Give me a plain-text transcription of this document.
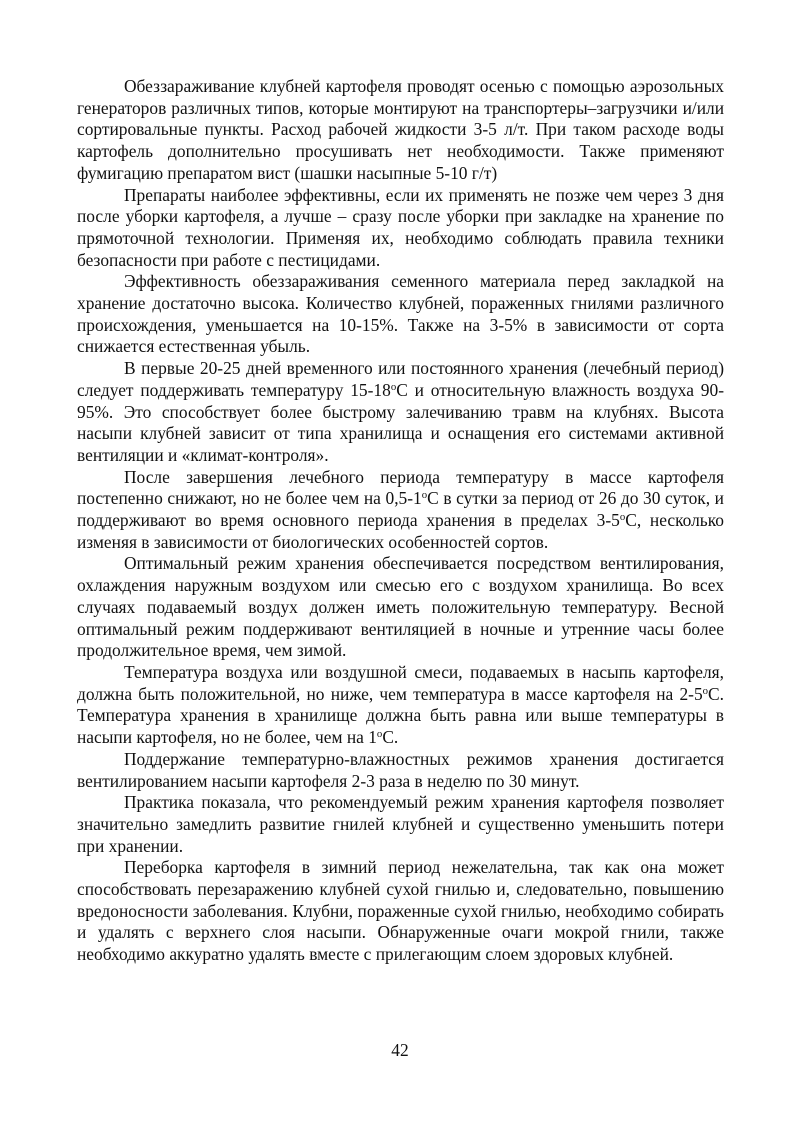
Обеззараживание клубней картофеля проводят осенью с помощью аэрозольных генераторов различных типов, которые монтируют на транспортеры–загрузчики и/или сортировальные пункты. Расход рабочей жидкости 3-5 л/т. При таком расходе воды картофель дополнительно просушивать нет необходимости. Также применяют фумигацию препаратом вист (шашки насыпные 5-10 г/т)

Препараты наиболее эффективны, если их применять не позже чем через 3 дня после уборки картофеля, а лучше – сразу после уборки при закладке на хранение по прямоточной технологии. Применяя их, необходимо соблюдать правила техники безопасности при работе с пестицидами.

Эффективность обеззараживания семенного материала перед закладкой на хранение достаточно высока. Количество клубней, пораженных гнилями различного происхождения, уменьшается на 10-15%. Также на 3-5% в зависимости от сорта снижается естественная убыль.

В первые 20-25 дней временного или постоянного хранения (лечебный период) следует поддерживать температуру $15-18^оС$ и относительную влажность воздуха 90-95%. Это способствует более быстрому залечиванию травм на клубнях. Высота насыпи клубней зависит от типа хранилища и оснащения его системами активной вентиляции и «климат-контроля».

После завершения лечебного периода температуру в массе картофеля постепенно снижают, но не более чем на $0,5-1^оС$ в сутки за период от 26 до 30 суток, и поддерживают во время основного периода хранения в пределах $3-5^оС$, несколько изменяя в зависимости от биологических особенностей сортов.

Оптимальный режим хранения обеспечивается посредством вентилирования, охлаждения наружным воздухом или смесью его с воздухом хранилища. Во всех случаях подаваемый воздух должен иметь положительную температуру. Весной оптимальный режим поддерживают вентиляцией в ночные и утренние часы более продолжительное время, чем зимой.

Температура воздуха или воздушной смеси, подаваемых в насыпь картофеля, должна быть положительной, но ниже, чем температура в массе картофеля на $2-5^оС$. Температура хранения в хранилище должна быть равна или выше температуры в насыпи картофеля, но не более, чем на $1^оС$.

Поддержание температурно-влажностных режимов хранения достигается вентилированием насыпи картофеля 2-3 раза в неделю по 30 минут.

Практика показала, что рекомендуемый режим хранения картофеля позволяет значительно замедлить развитие гнилей клубней и существенно уменьшить потери при хранении.

Переборка картофеля в зимний период нежелательна, так как она может способствовать перезаражению клубней сухой гнилью и, следовательно, повышению вредоносности заболевания. Клубни, пораженные сухой гнилью, необходимо собирать и удалять с верхнего слоя насыпи. Обнаруженные очаги мокрой гнили, также необходимо аккуратно удалять вместе с прилегающим слоем здоровых клубней.

42
